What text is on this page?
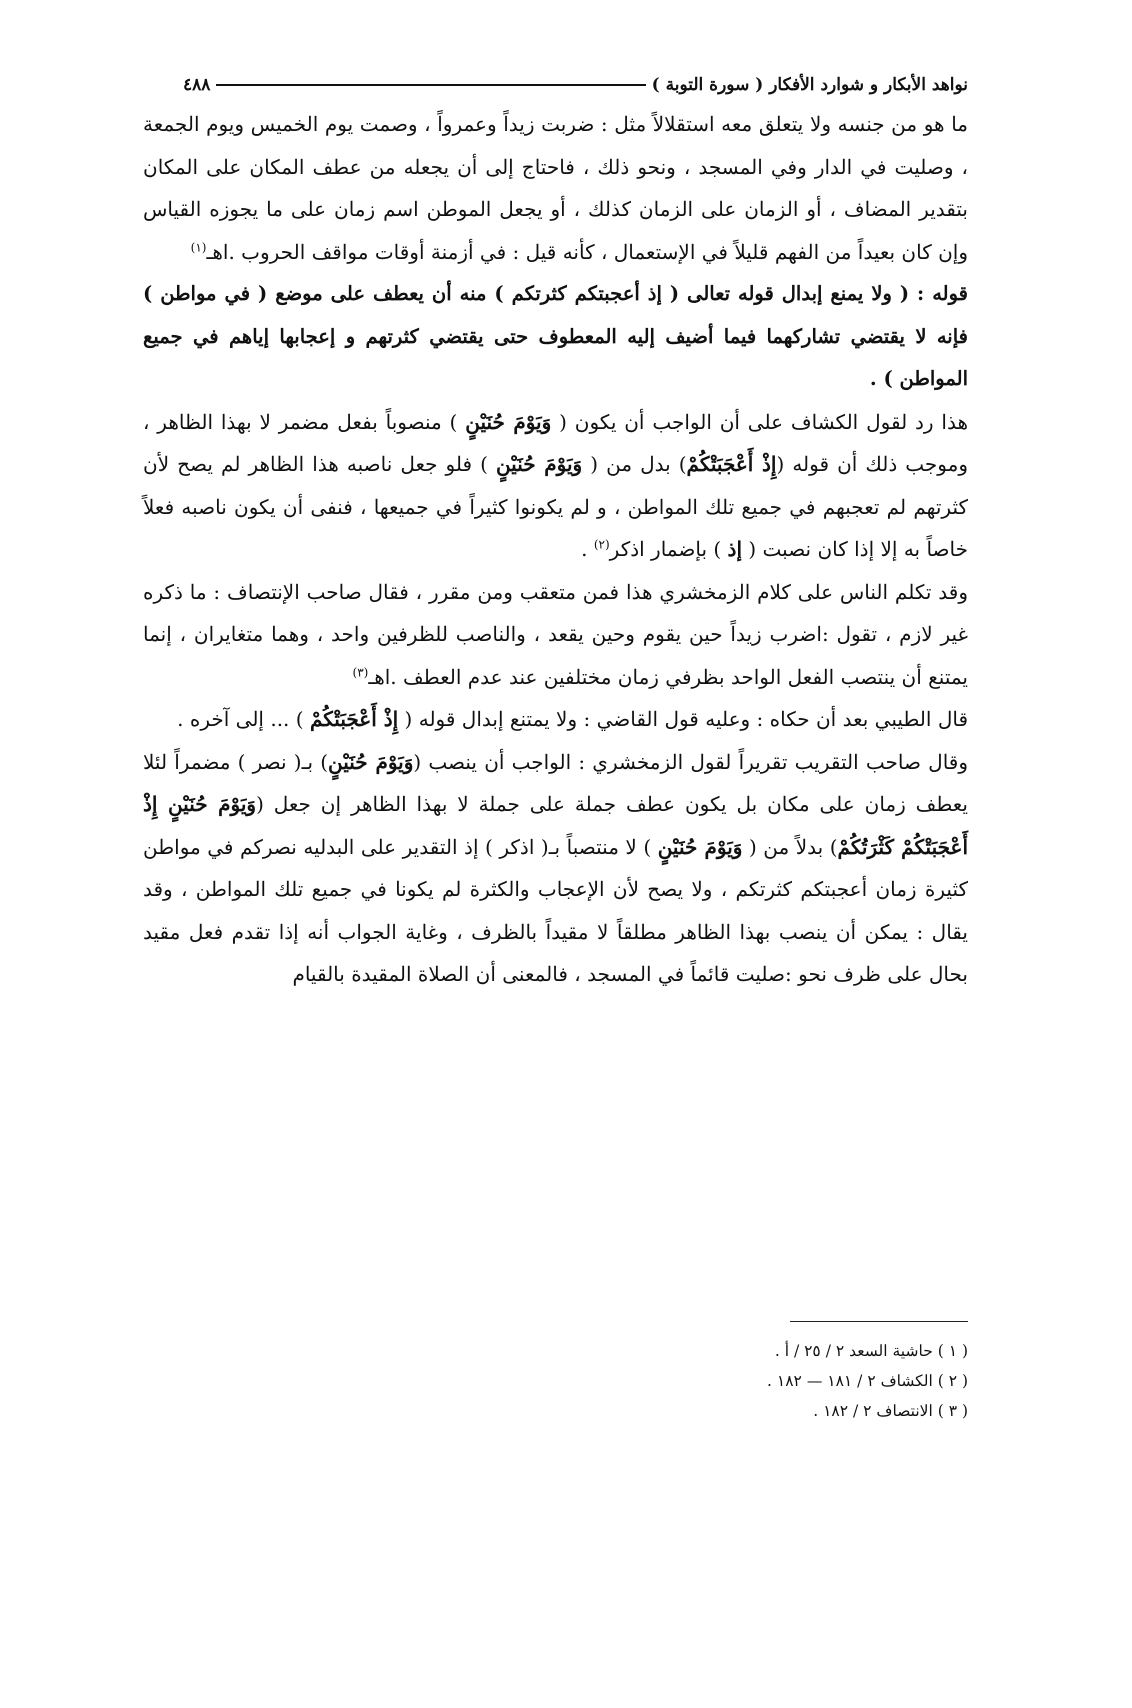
نواهد الأبكار و شوارد الأفكار ( سورة التوبة )
٤٨٨

ما هو من جنسه ولا يتعلق معه استقلالاً مثل : ضربت زيداً وعمرواً ، وصمت يوم الخميس ويوم الجمعة ، وصليت في الدار وفي المسجد ، ونحو ذلك ، فاحتاج إلى أن يجعله من عطف المكان على المكان بتقدير المضاف ، أو الزمان على الزمان كذلك ، أو يجعل الموطن اسم زمان على ما يجوزه القياس وإن كان بعيداً من الفهم قليلاً في الإستعمال ، كأنه قيل : في أزمنة أوقات مواقف الحروب .اهـ$^{(١)}$

قوله : ( ولا يمنع إبدال قوله تعالى ( إذ أعجبتكم كثرتكم ) منه أن يعطف على موضع ( في مواطن ) فإنه لا يقتضي تشاركهما فيما أضيف إليه المعطوف حتى يقتضي كثرتهم و إعجابها إياهم في جميع المواطن ) .

هذا رد لقول الكشاف على أن الواجب أن يكون ( وَيَوْمَ حُنَيْنٍ ) منصوباً بفعل مضمر لا بهذا الظاهر ، وموجب ذلك أن قوله (إِذْ أَعْجَبَتْكُمْ) بدل من ( وَيَوْمَ حُنَيْنٍ ) فلو جعل ناصبه هذا الظاهر لم يصح لأن كثرتهم لم تعجبهم في جميع تلك المواطن ، و لم يكونوا كثيراً في جميعها ، فنفى أن يكون ناصبه فعلاً خاصاً به إلا إذا كان نصبت ( إذ ) بإضمار اذكر$^{(٢)}$ .

وقد تكلم الناس على كلام الزمخشري هذا فمن متعقب ومن مقرر ، فقال صاحب الإنتصاف : ما ذكره غير لازم ، تقول :اضرب زيداً حين يقوم وحين يقعد ، والناصب للظرفين واحد ، وهما متغايران ، إنما يمتنع أن ينتصب الفعل الواحد بظرفي زمان مختلفين عند عدم العطف .اهـ$^{(٣)}$

قال الطيبي بعد أن حكاه : وعليه قول القاضي : ولا يمتنع إبدال قوله ( إِذْ أَعْجَبَتْكُمْ ) ... إلى آخره .

وقال صاحب التقريب تقريراً لقول الزمخشري : الواجب أن ينصب (وَيَوْمَ حُنَيْنٍ) بـ( نصر ) مضمراً لئلا يعطف زمان على مكان بل يكون عطف جملة على جملة لا بهذا الظاهر إن جعل (وَيَوْمَ حُنَيْنٍ إِذْ أَعْجَبَتْكُمْ كَثْرَتُكُمْ) بدلاً من ( وَيَوْمَ حُنَيْنٍ ) لا منتصباً بـ( اذكر ) إذ التقدير على البدليه نصركم في مواطن كثيرة زمان أعجبتكم كثرتكم ، ولا يصح لأن الإعجاب والكثرة لم يكونا في جميع تلك المواطن ، وقد يقال : يمكن أن ينصب بهذا الظاهر مطلقاً لا مقيداً بالظرف ، وغاية الجواب أنه إذا تقدم فعل مقيد بحال على ظرف نحو :صليت قائماً في المسجد ، فالمعنى أن الصلاة المقيدة بالقيام

( ١ ) حاشية السعد ٢ / ٢٥ / أ .
( ٢ ) الكشاف ٢ / ١٨١ — ١٨٢ .
( ٣ ) الانتصاف ٢ / ١٨٢ .
